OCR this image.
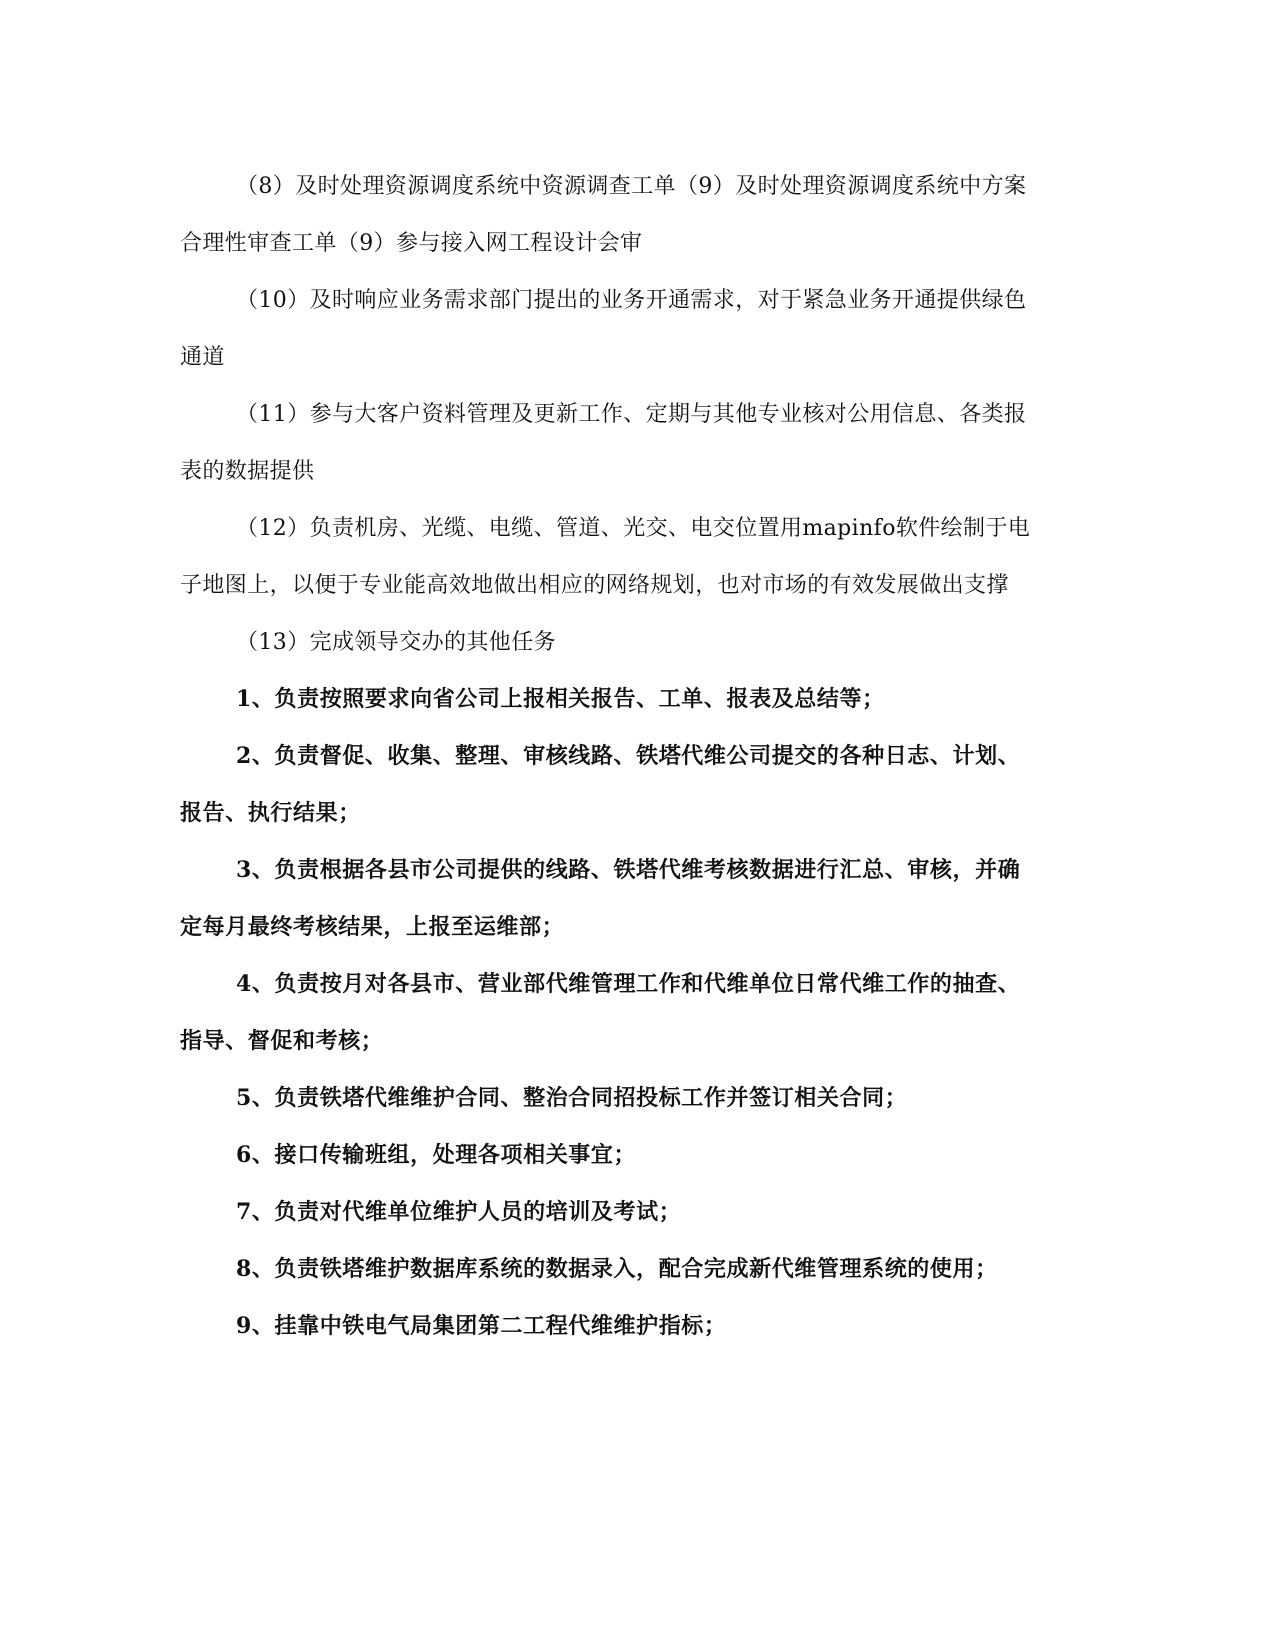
（8）及时处理资源调度系统中资源调查工单（9）及时处理资源调度系统中方案合理性审查工单（9）参与接入网工程设计会审

（10）及时响应业务需求部门提出的业务开通需求，对于紧急业务开通提供绿色通道

（11）参与大客户资料管理及更新工作、定期与其他专业核对公用信息、各类报表的数据提供

（12）负责机房、光缆、电缆、管道、光交、电交位置用mapinfo软件绘制于电子地图上，以便于专业能高效地做出相应的网络规划，也对市场的有效发展做出支撑

（13）完成领导交办的其他任务

1、负责按照要求向省公司上报相关报告、工单、报表及总结等；

2、负责督促、收集、整理、审核线路、铁塔代维公司提交的各种日志、计划、报告、执行结果；

3、负责根据各县市公司提供的线路、铁塔代维考核数据进行汇总、审核，并确定每月最终考核结果，上报至运维部；

4、负责按月对各县市、营业部代维管理工作和代维单位日常代维工作的抽查、指导、督促和考核；

5、负责铁塔代维维护合同、整治合同招投标工作并签订相关合同；

6、接口传输班组，处理各项相关事宜；

7、负责对代维单位维护人员的培训及考试；

8、负责铁塔维护数据库系统的数据录入，配合完成新代维管理系统的使用；

9、挂靠中铁电气局集团第二工程代维维护指标；
